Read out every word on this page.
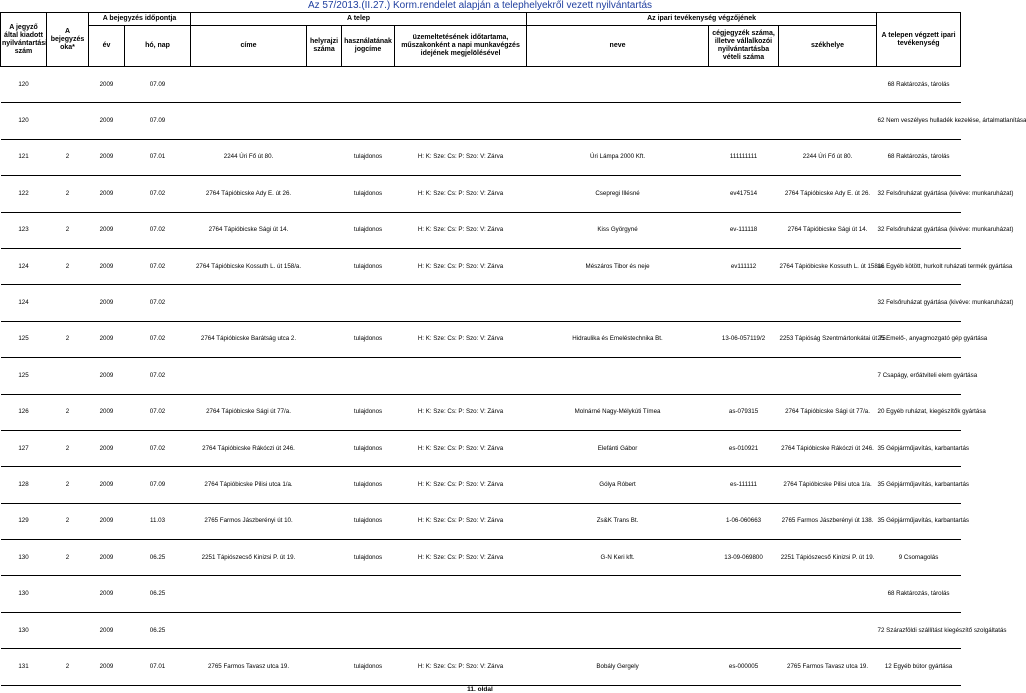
Az 57/2013.(II.27.) Korm.rendelet alapján a telephelyekről vezett nyilvántartás
A jegyző által kiadott nyilvántartási szám	A bejegyzés oka*	A bejegyzés időpontja		A telep				Az ipari tevékenység végzőjének			A telepen végzett ipari tevékenység
		év	hó, nap	címe	helyrajzi száma	használatának jogcíme	üzemeltetésének időtartama, műszakonként a napi munkavégzés idejének megjelölésével	neve	cégjegyzék száma, illetve vállalkozói nyilvántartásba vételi száma	székhelye	
120		2009	07.09								68 Raktározás, tárolás
120		2009	07.09								62 Nem veszélyes hulladék kezelése, ártalmatlanítása
121	2	2009	07.01	2244 Úri Fő út 80.		tulajdonos	H: K: Sze: Cs: P: Szo: V: Zárva	Úri Lámpa 2000 Kft.	111111111	2244 Úri Fő út 80.	68 Raktározás, tárolás
122	2	2009	07.02	2764 Tápióbicske Ady E. út 26.		tulajdonos	H: K: Sze: Cs: P: Szo: V: Zárva	Csepregi Illésné	ev417514	2764 Tápióbicske Ady E. út 26.	32 Felsőruházat gyártása (kivéve: munkaruházat)
123	2	2009	07.02	2764 Tápióbicske Sági út 14.		tulajdonos	H: K: Sze: Cs: P: Szo: V: Zárva	Kiss Györgyné	ev-111118	2764 Tápióbicske Sági út 14.	32 Felsőruházat gyártása (kivéve: munkaruházat)
124	2	2009	07.02	2764 Tápióbicske Kossuth L. út 158/a.		tulajdonos	H: K: Sze: Cs: P: Szo: V: Zárva	Mészáros Tibor és neje	ev111112	2764 Tápióbicske Kossuth L. út 158/a.	16 Egyéb kötött, hurkolt ruházati termék gyártása
124		2009	07.02								32 Felsőruházat gyártása (kivéve: munkaruházat)
125	2	2009	07.02	2764 Tápióbicske Barátság utca 2.		tulajdonos	H: K: Sze: Cs: P: Szo: V: Zárva	Hidraulika és Emeléstechnika Bt.	13-06-057119/2	2253 Tápióság Szentmártonkátai út 75.	25 Emelő-, anyagmozgató gép gyártása
125		2009	07.02								7 Csapágy, erőátviteli elem gyártása
126	2	2009	07.02	2764 Tápióbicske Sági út 77/a.		tulajdonos	H: K: Sze: Cs: P: Szo: V: Zárva	Molnárné Nagy-Mélykúti Tímea	as-079315	2764 Tápióbicske Sági út 77/a.	20 Egyéb ruházat, kiegészítők gyártása
127	2	2009	07.02	2764 Tápióbicske Rákóczi út 246.		tulajdonos	H: K: Sze: Cs: P: Szo: V: Zárva	Elefánti Gábor	es-010921	2764 Tápióbicske Rákóczi út 246.	35 Gépjárműjavítás, karbantartás
128	2	2009	07.09	2764 Tápióbicske Pilisi utca 1/a.		tulajdonos	H: K: Sze: Cs: P: Szo: V: Zárva	Gólya Róbert	es-111111	2764 Tápióbicske Pilisi utca 1/a.	35 Gépjárműjavítás, karbantartás
129	2	2009	11.03	2765 Farmos Jászberényi út 10.		tulajdonos	H: K: Sze: Cs: P: Szo: V: Zárva	Zs&K Trans Bt.	1-06-060663	2765 Farmos Jászberényi út 138.	35 Gépjárműjavítás, karbantartás
130	2	2009	06.25	2251 Tápiószecső Kinizsi P. út 19.		tulajdonos	H: K: Sze: Cs: P: Szo: V: Zárva	G-N Keri kft.	13-09-069800	2251 Tápiószecső Kinizsi P. út 19.	9 Csomagolás
130		2009	06.25								68 Raktározás, tárolás
130		2009	06.25								72 Szárazföldi szállítást kiegészítő szolgáltatás
131	2	2009	07.01	2765 Farmos Tavasz utca 19.		tulajdonos	H: K: Sze: Cs: P: Szo: V: Zárva	Bobály Gergely	es-000005	2765 Farmos Tavasz utca 19.	12 Egyéb bútor gyártása
11. oldal
